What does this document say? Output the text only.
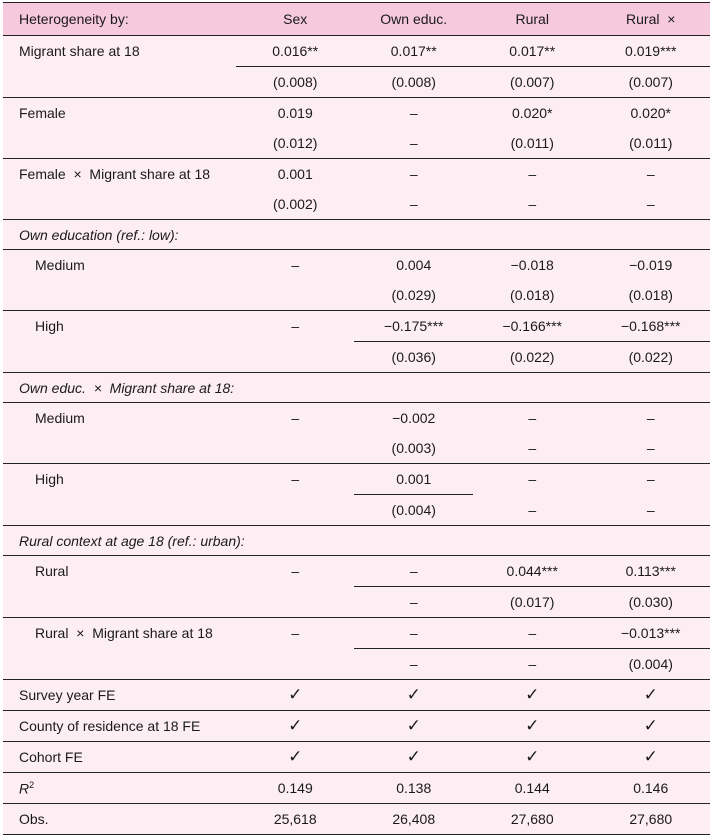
Heterogeneity by:	Sex	Own educ.	Rural	Rural  ×
Migrant share at 18	0.016**	0.017**	0.017**	0.019***
	(0.008)	(0.008)	(0.007)	(0.007)
Female	0.019	–	0.020*	0.020*
	(0.012)	–	(0.011)	(0.011)
Female  ×  Migrant share at 18	0.001	–	–	–
	(0.002)	–	–	–
Own education (ref.: low):				
Medium	–	0.004	−0.018	−0.019
		(0.029)	(0.018)	(0.018)
High	–	−0.175***	−0.166***	−0.168***
		(0.036)	(0.022)	(0.022)
Own educ.  ×  Migrant share at 18:				
Medium	–	−0.002	–	–
		(0.003)	–	–
High	–	0.001	–	–
		(0.004)	–	–
Rural context at age 18 (ref.: urban):				
Rural	–	–	0.044***	0.113***
		–	(0.017)	(0.030)
Rural  ×  Migrant share at 18	–	–	–	−0.013***
		–	–	(0.004)
Survey year FE	✓	✓	✓	✓
County of residence at 18 FE	✓	✓	✓	✓
Cohort FE	✓	✓	✓	✓
$R^2$	0.149	0.138	0.144	0.146
Obs.	25,618	26,408	27,680	27,680
